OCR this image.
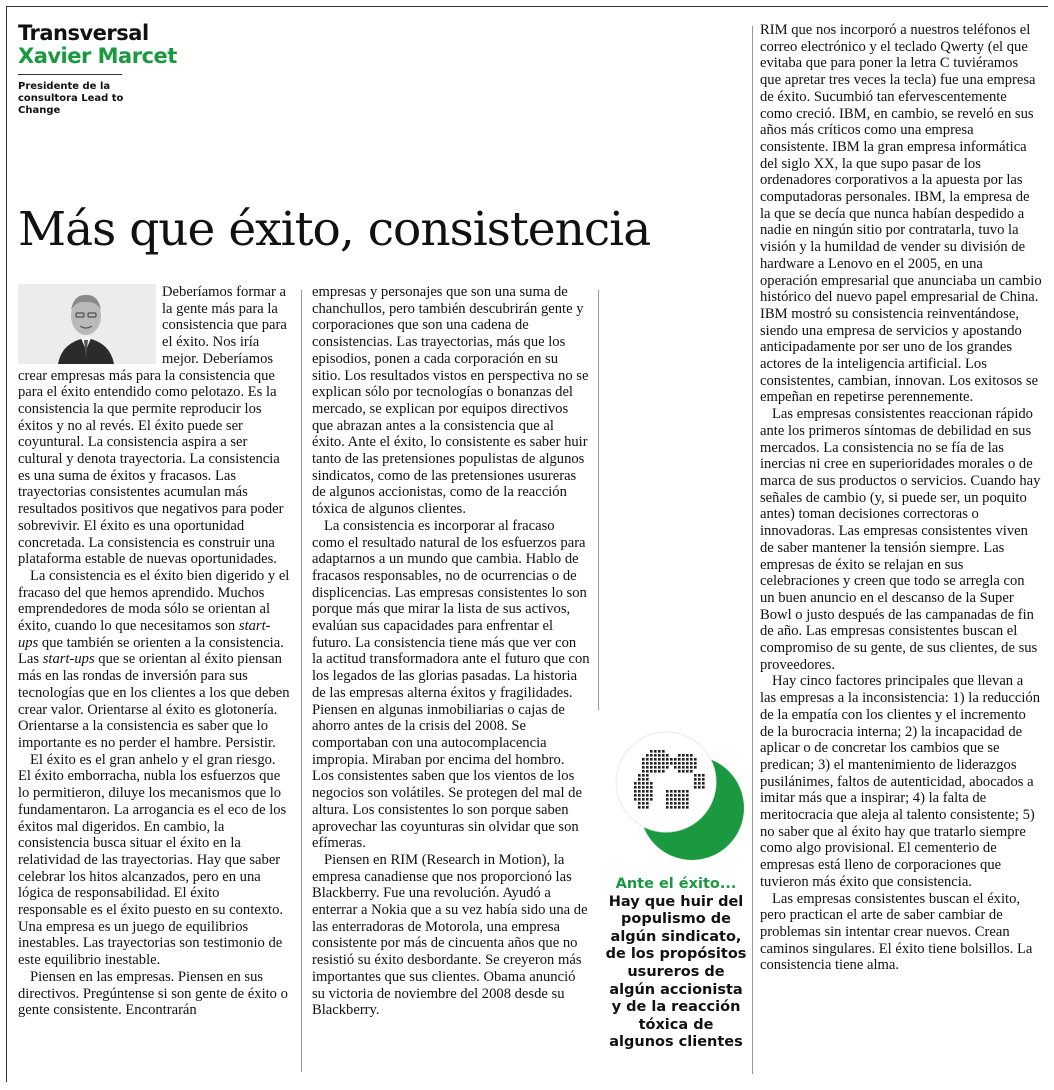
Transversal
Xavier Marcet
Presidente de la consultora Lead to Change
Más que éxito, consistencia

Deberíamos formar a la gente más para la consistencia que para el éxito. Nos iría mejor. Deberíamos crear empresas más para la consistencia que para el éxito entendido como pelotazo. Es la consistencia la que permite reproducir los éxitos y no al revés. El éxito puede ser coyuntural. La consistencia aspira a ser cultural y denota trayectoria. La consistencia es una suma de éxitos y fracasos. Las trayectorias consistentes acumulan más resultados positivos que negativos para poder sobrevivir. El éxito es una oportunidad concretada. La consistencia es construir una plataforma estable de nuevas oportunidades.

La consistencia es el éxito bien digerido y el fracaso del que hemos aprendido. Muchos emprendedores de moda sólo se orientan al éxito, cuando lo que necesitamos son start-ups que también se orienten a la consistencia. Las start-ups que se orientan al éxito piensan más en las rondas de inversión para sus tecnologías que en los clientes a los que deben crear valor. Orientarse al éxito es glotonería. Orientarse a la consistencia es saber que lo importante es no perder el hambre. Persistir.

El éxito es el gran anhelo y el gran riesgo. El éxito emborracha, nubla los esfuerzos que lo permitieron, diluye los mecanismos que lo fundamentaron. La arrogancia es el eco de los éxitos mal digeridos. En cambio, la consistencia busca situar el éxito en la relatividad de las trayectorias. Hay que saber celebrar los hitos alcanzados, pero en una lógica de responsabilidad. El éxito responsable es el éxito puesto en su contexto. Una empresa es un juego de equilibrios inestables. Las trayectorias son testimonio de este equilibrio inestable.

Piensen en las empresas. Piensen en sus directivos. Pregúntense si son gente de éxito o gente consistente. Encontrarán

empresas y personajes que son una suma de chanchullos, pero también descubrirán gente y corporaciones que son una cadena de consistencias. Las trayectorias, más que los episodios, ponen a cada corporación en su sitio. Los resultados vistos en perspectiva no se explican sólo por tecnologías o bonanzas del mercado, se explican por equipos directivos que abrazan antes a la consistencia que al éxito. Ante el éxito, lo consistente es saber huir tanto de las pretensiones populistas de algunos sindicatos, como de las pretensiones usureras de algunos accionistas, como de la reacción tóxica de algunos clientes.

La consistencia es incorporar al fracaso como el resultado natural de los esfuerzos para adaptarnos a un mundo que cambia. Hablo de fracasos responsables, no de ocurrencias o de displicencias. Las empresas consistentes lo son porque más que mirar la lista de sus activos, evalúan sus capacidades para enfrentar el futuro. La consistencia tiene más que ver con la actitud transformadora ante el futuro que con los legados de las glorias pasadas. La historia de las empresas alterna éxitos y fragilidades. Piensen en algunas inmobiliarias o cajas de ahorro antes de la crisis del 2008. Se comportaban con una autocomplacencia impropia. Miraban por encima del hombro. Los consistentes saben que los vientos de los negocios son volátiles. Se protegen del mal de altura. Los consistentes lo son porque saben aprovechar las coyunturas sin olvidar que son efímeras.

Piensen en RIM (Research in Motion), la empresa canadiense que nos proporcionó las Blackberry. Fue una revolución. Ayudó a enterrar a Nokia que a su vez había sido una de las enterradoras de Motorola, una empresa consistente por más de cincuenta años que no resistió su éxito desbordante. Se creyeron más importantes que sus clientes. Obama anunció su victoria de noviembre del 2008 desde su Blackberry.

RIM que nos incorporó a nuestros teléfonos el correo electrónico y el teclado Qwerty (el que evitaba que para poner la letra C tuviéramos que apretar tres veces la tecla) fue una empresa de éxito. Sucumbió tan efervescentemente como creció. IBM, en cambio, se reveló en sus años más críticos como una empresa consistente. IBM la gran empresa informática del siglo XX, la que supo pasar de los ordenadores corporativos a la apuesta por las computadoras personales. IBM, la empresa de la que se decía que nunca habían despedido a nadie en ningún sitio por contratarla, tuvo la visión y la humildad de vender su división de hardware a Lenovo en el 2005, en una operación empresarial que anunciaba un cambio histórico del nuevo papel empresarial de China. IBM mostró su consistencia reinventándose, siendo una empresa de servicios y apostando anticipadamente por ser uno de los grandes actores de la inteligencia artificial. Los consistentes, cambian, innovan. Los exitosos se empeñan en repetirse perennemente.

Las empresas consistentes reaccionan rápido ante los primeros síntomas de debilidad en sus mercados. La consistencia no se fía de las inercias ni cree en superioridades morales o de marca de sus productos o servicios. Cuando hay señales de cambio (y, si puede ser, un poquito antes) toman decisiones correctoras o innovadoras. Las empresas consistentes viven de saber mantener la tensión siempre. Las empresas de éxito se relajan en sus celebraciones y creen que todo se arregla con un buen anuncio en el descanso de la Super Bowl o justo después de las campanadas de fin de año. Las empresas consistentes buscan el compromiso de su gente, de sus clientes, de sus proveedores.

Hay cinco factores principales que llevan a las empresas a la inconsistencia: 1) la reducción de la empatía con los clientes y el incremento de la burocracia interna; 2) la incapacidad de aplicar o de concretar los cambios que se predican; 3) el mantenimiento de liderazgos pusilánimes, faltos de autenticidad, abocados a imitar más que a inspirar; 4) la falta de meritocracia que aleja al talento consistente; 5) no saber que al éxito hay que tratarlo siempre como algo provisional. El cementerio de empresas está lleno de corporaciones que tuvieron más éxito que consistencia.

Las empresas consistentes buscan el éxito, pero practican el arte de saber cambiar de problemas sin intentar crear nuevos. Crean caminos singulares. El éxito tiene bolsillos. La consistencia tiene alma.

Ante el éxito...
Hay que huir del populismo de algún sindicato, de los propósitos usureros de algún accionista y de la reacción tóxica de algunos clientes
